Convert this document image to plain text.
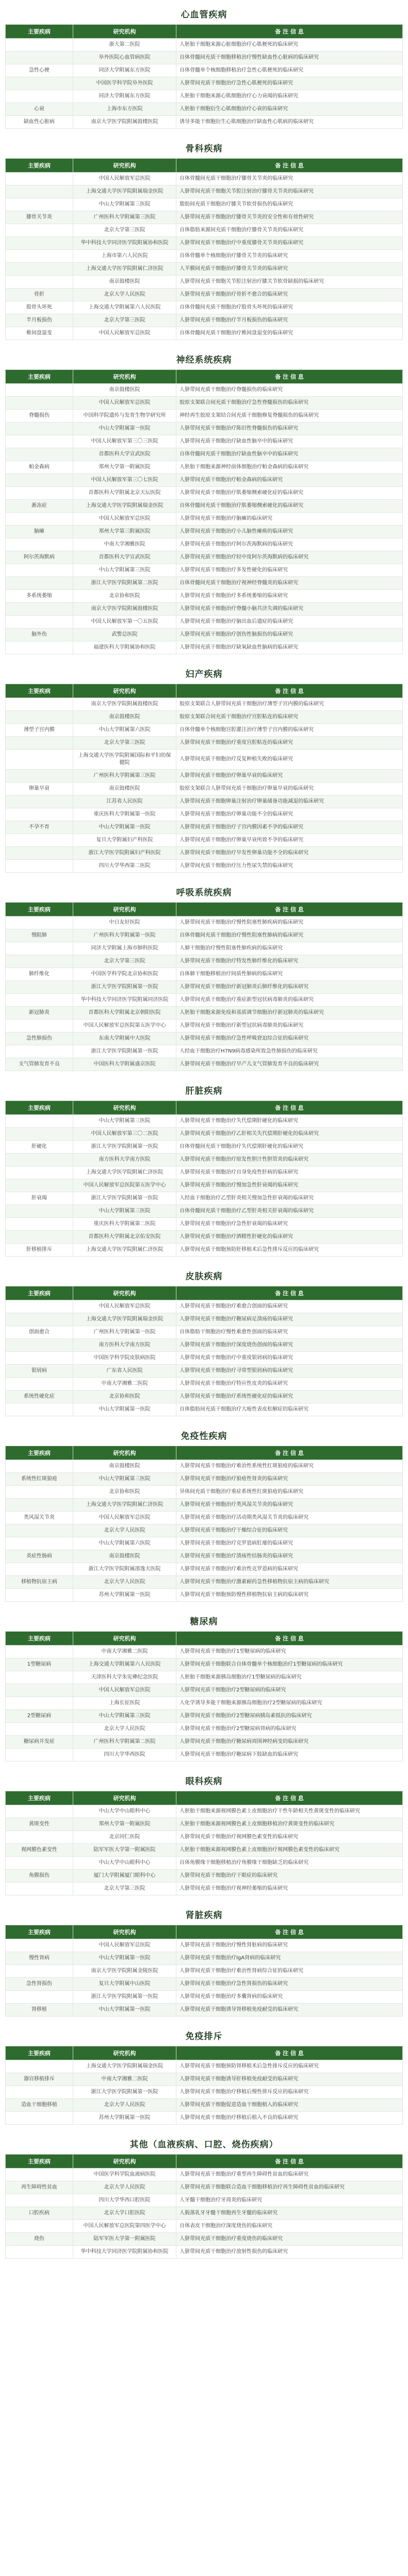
心血管疾病
主要疾病	研究机构	备 注 信 息
	浙大第二医院	人胚胎干细胞来源心脏细胞治疗心肌梗死的临床研究
	阜外医院心血管病医院	自体骨髓间充质干细胞移植治疗慢性缺血性心脏病的临床研究
急性心梗	同济大学附属东方医院	自体骨髓单个核细胞移植治疗急性心肌梗死的临床研究
	中国医学科学院阜外医院	人脐带间充质干细胞治疗急性心肌梗死的临床研究
	同济大学附属东方医院	人胚胎干细胞来源心肌细胞治疗心力衰竭的临床研究
心衰	上海市东方医院	人胚胎干细胞衍生心肌细胞治疗心衰的临床研究
缺血性心脏病	南京大学医学院附属鼓楼医院	诱导多能干细胞衍生心肌细胞治疗缺血性心肌病的临床研究
骨科疾病
主要疾病	研究机构	备 注 信 息
	中国人民解放军总医院	自体骨髓间充质干细胞治疗膝骨关节炎的临床研究
	上海交通大学医学院附属瑞金医院	人脐带间充质干细胞关节腔注射治疗膝骨关节炎的临床研究
	中山大学附属第三医院	脂肪间充质干细胞治疗膝关节软骨损伤的临床研究
膝骨关节炎	广州医科大学附属第三医院	人脐带间充质干细胞治疗膝骨关节炎的安全性和有效性研究
	北京大学第三医院	自体脂肪来源间充质干细胞治疗膝骨关节炎的临床研究
	华中科技大学同济医学院附属协和医院	人脐带间充质干细胞治疗中重度膝骨关节炎的临床研究
	上海市第六人民医院	自体骨髓单个核细胞治疗膝骨关节炎的临床研究
	上海交通大学医学院附属仁济医院	人羊膜间充质干细胞治疗膝骨关节炎的临床研究
	南京鼓楼医院	人脐带间充质干细胞关节腔注射治疗膝关节软骨缺损的临床研究
骨折	北京大学人民医院	人脐带间充质干细胞治疗骨折不愈合的临床研究
股骨头坏死	上海交通大学附属第六人民医院	自体骨髓间充质干细胞治疗股骨头坏死的临床研究
半月板损伤	北京大学第三医院	人脐带间充质干细胞治疗半月板损伤的临床研究
椎间盘退变	中国人民解放军总医院	自体骨髓间充质干细胞治疗椎间盘退变的临床研究
神经系统疾病
主要疾病	研究机构	备 注 信 息
	南京鼓楼医院	人脐带间充质干细胞治疗脊髓损伤的临床研究
	中国人民解放军总医院	胶原支架联合间充质干细胞治疗急性脊髓损伤的临床研究
脊髓损伤	中国科学院遗传与发育生物学研究所	神经再生胶原支架结合间充质干细胞修复脊髓损伤的临床研究
	中山大学附属第一医院	人脐带间充质干细胞治疗陈旧性脊髓损伤的临床研究
	中国人民解放军第三〇三医院	人脐带间充质干细胞治疗缺血性脑卒中的临床研究
	首都医科大学宣武医院	自体骨髓间充质干细胞治疗缺血性脑卒中的临床研究
帕金森病	郑州大学第一附属医院	人胚胎干细胞来源神经前体细胞治疗帕金森病的临床研究
	中国人民解放军第三〇七医院	人脐带间充质干细胞治疗帕金森病的临床研究
	首都医科大学附属北京天坛医院	人脐带间充质干细胞治疗肌萎缩侧索硬化症的临床研究
渐冻症	上海交通大学医学院附属瑞金医院	自体骨髓间充质干细胞治疗肌萎缩侧索硬化的临床研究
	中国人民解放军总医院	人脐带间充质干细胞治疗脑瘫的临床研究
脑瘫	郑州大学第三附属医院	人脐带间充质干细胞治疗小儿脑性瘫痪的临床研究
	中南大学湘雅医院	人脐带间充质干细胞治疗阿尔茨海默病的临床研究
阿尔茨海默病	首都医科大学宣武医院	人脐带间充质干细胞治疗轻中度阿尔茨海默病的临床研究
	中山大学附属第三医院	人脐带间充质干细胞治疗多发性硬化的临床研究
	浙江大学医学院附属第二医院	自体骨髓间充质干细胞治疗视神经脊髓炎的临床研究
多系统萎缩	北京协和医院	人脐带间充质干细胞治疗多系统萎缩的临床研究
	南京大学医学院附属鼓楼医院	人脐带间充质干细胞治疗脊髓小脑共济失调的临床研究
	中国人民解放军第一〇五医院	人脐带间充质干细胞治疗脑出血后遗症的临床研究
脑外伤	武警总医院	人脐带间充质干细胞治疗创伤性脑损伤的临床研究
	福建医科大学附属协和医院	人脐带间充质干细胞治疗缺氧缺血性脑病的临床研究
妇产疾病
主要疾病	研究机构	备 注 信 息
	南京大学医学院附属鼓楼医院	胶原支架联合人脐带间充质干细胞治疗薄型子宫内膜的临床研究
	南京鼓楼医院	胶原支架联合间充质干细胞治疗宫腔粘连的临床研究
薄型子宫内膜	中山大学附属第六医院	自体骨髓单个核细胞宫腔灌注治疗薄型子宫内膜的临床研究
	北京大学第三医院	人脐带间充质干细胞治疗重度宫腔粘连的临床研究
	上海交通大学医学院附属国际和平妇幼保健院	人脐带间充质干细胞治疗反复种植失败的临床研究
	广州医科大学附属第三医院	人脐带间充质干细胞治疗卵巢早衰的临床研究
卵巢早衰	南京鼓楼医院	胶原支架联合人脐带间充质干细胞治疗卵巢早衰的临床研究
	江苏省人民医院	人脐带间充质干细胞卵巢注射治疗卵巢储备功能减退的临床研究
	重庆医科大学附属第一医院	人脐带间充质干细胞治疗卵巢功能不全的临床研究
不孕不育	中山大学附属第一医院	人脐带间充质干细胞治疗子宫内膜因素不孕的临床研究
	复旦大学附属妇产科医院	人脐带间充质干细胞治疗卵巢早衰所致不孕的临床研究
	浙江大学医学院附属妇产科医院	人脐带间充质干细胞治疗早发性卵巢功能不全的临床研究
	四川大学华西第二医院	人脐带间充质干细胞治疗压力性尿失禁的临床研究
呼吸系统疾病
主要疾病	研究机构	备 注 信 息
	中日友好医院	人脐带间充质干细胞治疗慢性阻塞性肺疾病的临床研究
慢阻肺	广州医科大学附属第一医院	自体骨髓间充质干细胞治疗慢性阻塞性肺病的临床研究
	同济大学附属上海市肺科医院	人肺干细胞治疗慢性阻塞性肺疾病的临床研究
	北京大学第三医院	人脐带间充质干细胞治疗特发性肺纤维化的临床研究
肺纤维化	中国医学科学院北京协和医院	自体肺干细胞移植治疗间质性肺病的临床研究
	浙江大学医学院附属第一医院	人脐带间充质干细胞治疗新冠肺炎后肺纤维化的临床研究
	华中科技大学同济医学院附属同济医院	人脐带间充质干细胞治疗重症新型冠状病毒肺炎的临床研究
新冠肺炎	首都医科大学附属北京朝阳医院	人胚胎干细胞来源免疫和基质调节细胞治疗新冠肺炎的临床研究
	中国人民解放军总医院第五医学中心	人脐带间充质干细胞治疗新型冠状病毒肺炎的临床研究
急性肺损伤	东南大学附属中大医院	人脐带间充质干细胞治疗急性呼吸窘迫综合征的临床研究
	浙江大学医学院附属第一医院	人经血干细胞治疗H7N9病毒感染所致急性肺损伤的临床研究
支气管肺发育不良	中国医科大学附属盛京医院	人脐带间充质干细胞治疗早产儿支气管肺发育不良的临床研究
肝脏疾病
主要疾病	研究机构	备 注 信 息
	中山大学附属第三医院	人脐带间充质干细胞治疗失代偿期肝硬化的临床研究
	中国人民解放军第三〇二医院	人脐带间充质干细胞治疗乙肝相关失代偿期肝硬化的临床研究
肝硬化	浙江大学医学院附属第一医院	自体骨髓间充质干细胞治疗失代偿期肝硬化的临床研究
	南方医科大学南方医院	人脐带间充质干细胞治疗原发性胆汁性胆管炎的临床研究
	上海交通大学医学院附属仁济医院	人脐带间充质干细胞治疗自身免疫性肝病的临床研究
	中国人民解放军总医院第五医学中心	人脐带间充质干细胞治疗慢加急性肝衰竭的临床研究
肝衰竭	浙江大学医学院附属第一医院	人经血干细胞治疗乙型肝炎相关慢加急性肝衰竭的临床研究
	中山大学附属第三医院	自体骨髓间充质干细胞治疗乙型肝炎相关肝衰竭的临床研究
	重庆医科大学附属第二医院	人脐带间充质干细胞治疗急性肝衰竭的临床研究
	首都医科大学附属北京佑安医院	人脐带间充质干细胞治疗酒精性肝硬化的临床研究
肝移植排斥	上海交通大学医学院附属仁济医院	人脐带间充质干细胞预防肝移植术后急性排斥反应的临床研究
皮肤疾病
主要疾病	研究机构	备 注 信 息
	中国人民解放军总医院	人脐带间充质干细胞治疗难愈合创面的临床研究
	上海交通大学医学院附属瑞金医院	人脐带间充质干细胞治疗糖尿病足溃疡的临床研究
创面愈合	广州医科大学附属第一医院	自体脂肪干细胞治疗慢性难愈性创面的临床研究
	南方医科大学南方医院	人脐带间充质干细胞治疗深度烧伤创面的临床研究
	中国医学科学院皮肤病医院	人脐带间充质干细胞治疗中重度银屑病的临床研究
银屑病	广东省人民医院	人脐带间充质干细胞治疗寻常型银屑病的临床研究
	中南大学湘雅二医院	人脐带间充质干细胞治疗特应性皮炎的临床研究
系统性硬化症	北京协和医院	人脐带间充质干细胞治疗系统性硬化症的临床研究
	中山大学附属第一医院	自体脂肪间充质干细胞治疗大疱性表皮松解症的临床研究
免疫性疾病
主要疾病	研究机构	备 注 信 息
	南京鼓楼医院	人脐带间充质干细胞治疗难治性系统性红斑狼疮的临床研究
系统性红斑狼疮	中山大学附属第三医院	人脐带间充质干细胞治疗狼疮性肾炎的临床研究
	北京协和医院	异体间充质干细胞治疗重症系统性红斑狼疮的临床研究
	上海交通大学医学院附属仁济医院	人脐带间充质干细胞治疗类风湿关节炎的临床研究
类风湿关节炎	中国人民解放军总医院	人脐带间充质干细胞治疗活动期类风湿关节炎的临床研究
	北京大学人民医院	人脐带间充质干细胞治疗干燥综合征的临床研究
	中山大学附属第六医院	人脐带间充质干细胞治疗克罗恩病肛瘘的临床研究
炎症性肠病	南京鼓楼医院	人脐带间充质干细胞治疗溃疡性结肠炎的临床研究
	浙江大学医学院附属邵逸夫医院	人脐带间充质干细胞治疗难治性克罗恩病的临床研究
移植物抗宿主病	北京大学人民医院	人脐带间充质干细胞治疗激素耐药急性移植物抗宿主病的临床研究
	苏州大学附属第一医院	人脐带间充质干细胞预防慢性移植物抗宿主病的临床研究
糖尿病
主要疾病	研究机构	备 注 信 息
	中南大学湘雅二医院	人脐带间充质干细胞治疗1型糖尿病的临床研究
1型糖尿病	上海交通大学附属第六人民医院	人脐带间充质干细胞联合自体骨髓单个核细胞治疗1型糖尿病的临床研究
	天津医科大学朱宪彝纪念医院	人胚胎干细胞来源胰岛细胞治疗1型糖尿病的临床研究
	中国人民解放军总医院	人脐带间充质干细胞治疗2型糖尿病的临床研究
	上海长征医院	人化学诱导多能干细胞来源胰岛细胞治疗2型糖尿病的临床研究
2型糖尿病	中山大学附属第三医院	人脐带间充质干细胞治疗2型糖尿病胰岛素抵抗的临床研究
	北京大学人民医院	人脐带间充质干细胞治疗2型糖尿病肾病的临床研究
糖尿病并发症	广州医科大学附属第二医院	人脐带间充质干细胞治疗糖尿病周围神经病变的临床研究
	四川大学华西医院	人脐带间充质干细胞治疗糖尿病下肢缺血的临床研究
眼科疾病
主要疾病	研究机构	备 注 信 息
	中山大学中山眼科中心	人胚胎干细胞来源视网膜色素上皮细胞治疗干性年龄相关性黄斑变性的临床研究
黄斑变性	郑州大学第一附属医院	人胚胎干细胞来源视网膜色素上皮细胞移植治疗黄斑变性的临床研究
	北京同仁医院	人脐带间充质干细胞治疗视网膜色素变性的临床研究
视网膜色素变性	陆军军医大学第一附属医院	人胚胎干细胞来源视网膜色素上皮细胞治疗视网膜色素变性的临床研究
	中山大学中山眼科中心	自体角膜缘干细胞移植治疗角膜缘干细胞缺乏的临床研究
角膜损伤	厦门大学附属厦门眼科中心	人脐带间充质干细胞治疗干眼症的临床研究
	北京大学第三医院	人脐带间充质干细胞治疗视神经萎缩的临床研究
肾脏疾病
主要疾病	研究机构	备 注 信 息
	中国人民解放军总医院	人脐带间充质干细胞治疗慢性肾脏病的临床研究
慢性肾病	中山大学附属第一医院	人脐带间充质干细胞治疗IgA肾病的临床研究
	南京大学医学院附属金陵医院	人脐带间充质干细胞治疗难治性肾病综合征的临床研究
急性肾损伤	复旦大学附属中山医院	人脐带间充质干细胞治疗急性肾损伤的临床研究
	浙江大学医学院附属第一医院	人脐带间充质干细胞治疗多囊肾病的临床研究
肾移植	中山大学附属第一医院	人脐带间充质干细胞诱导肾移植免疫耐受的临床研究
免疫排斥
主要疾病	研究机构	备 注 信 息
	上海交通大学医学院附属瑞金医院	人脐带间充质干细胞预防肾移植术后急性排斥反应的临床研究
器官移植排斥	中南大学湘雅二医院	人脐带间充质干细胞诱导肝移植免疫耐受的临床研究
	浙江大学医学院附属第一医院	人脐带间充质干细胞治疗移植后慢性排斥反应的临床研究
造血干细胞移植	北京大学人民医院	人脐带间充质干细胞促进造血干细胞植入的临床研究
	苏州大学附属第一医院	人脐带间充质干细胞治疗移植后植入不良的临床研究
其他（血液疾病、口腔、烧伤疾病）
主要疾病	研究机构	备 注 信 息
	中国医学科学院血液病医院	人脐带间充质干细胞治疗重型再生障碍性贫血的临床研究
再生障碍性贫血	北京大学人民医院	人脐带间充质干细胞联合造血干细胞移植治疗再生障碍性贫血的临床研究
	四川大学华西口腔医院	人牙髓干细胞治疗牙周炎的临床研究
口腔疾病	北京大学口腔医院	人脱落乳牙牙髓干细胞再生牙髓的临床研究
	中国人民解放军总医院第四医学中心	自体表皮干细胞治疗深度烧伤的临床研究
烧伤	陆军军医大学第一附属医院	人脐带间充质干细胞治疗重度烧伤的临床研究
	华中科技大学同济医学院附属协和医院	人脐带间充质干细胞治疗放射性损伤的临床研究
